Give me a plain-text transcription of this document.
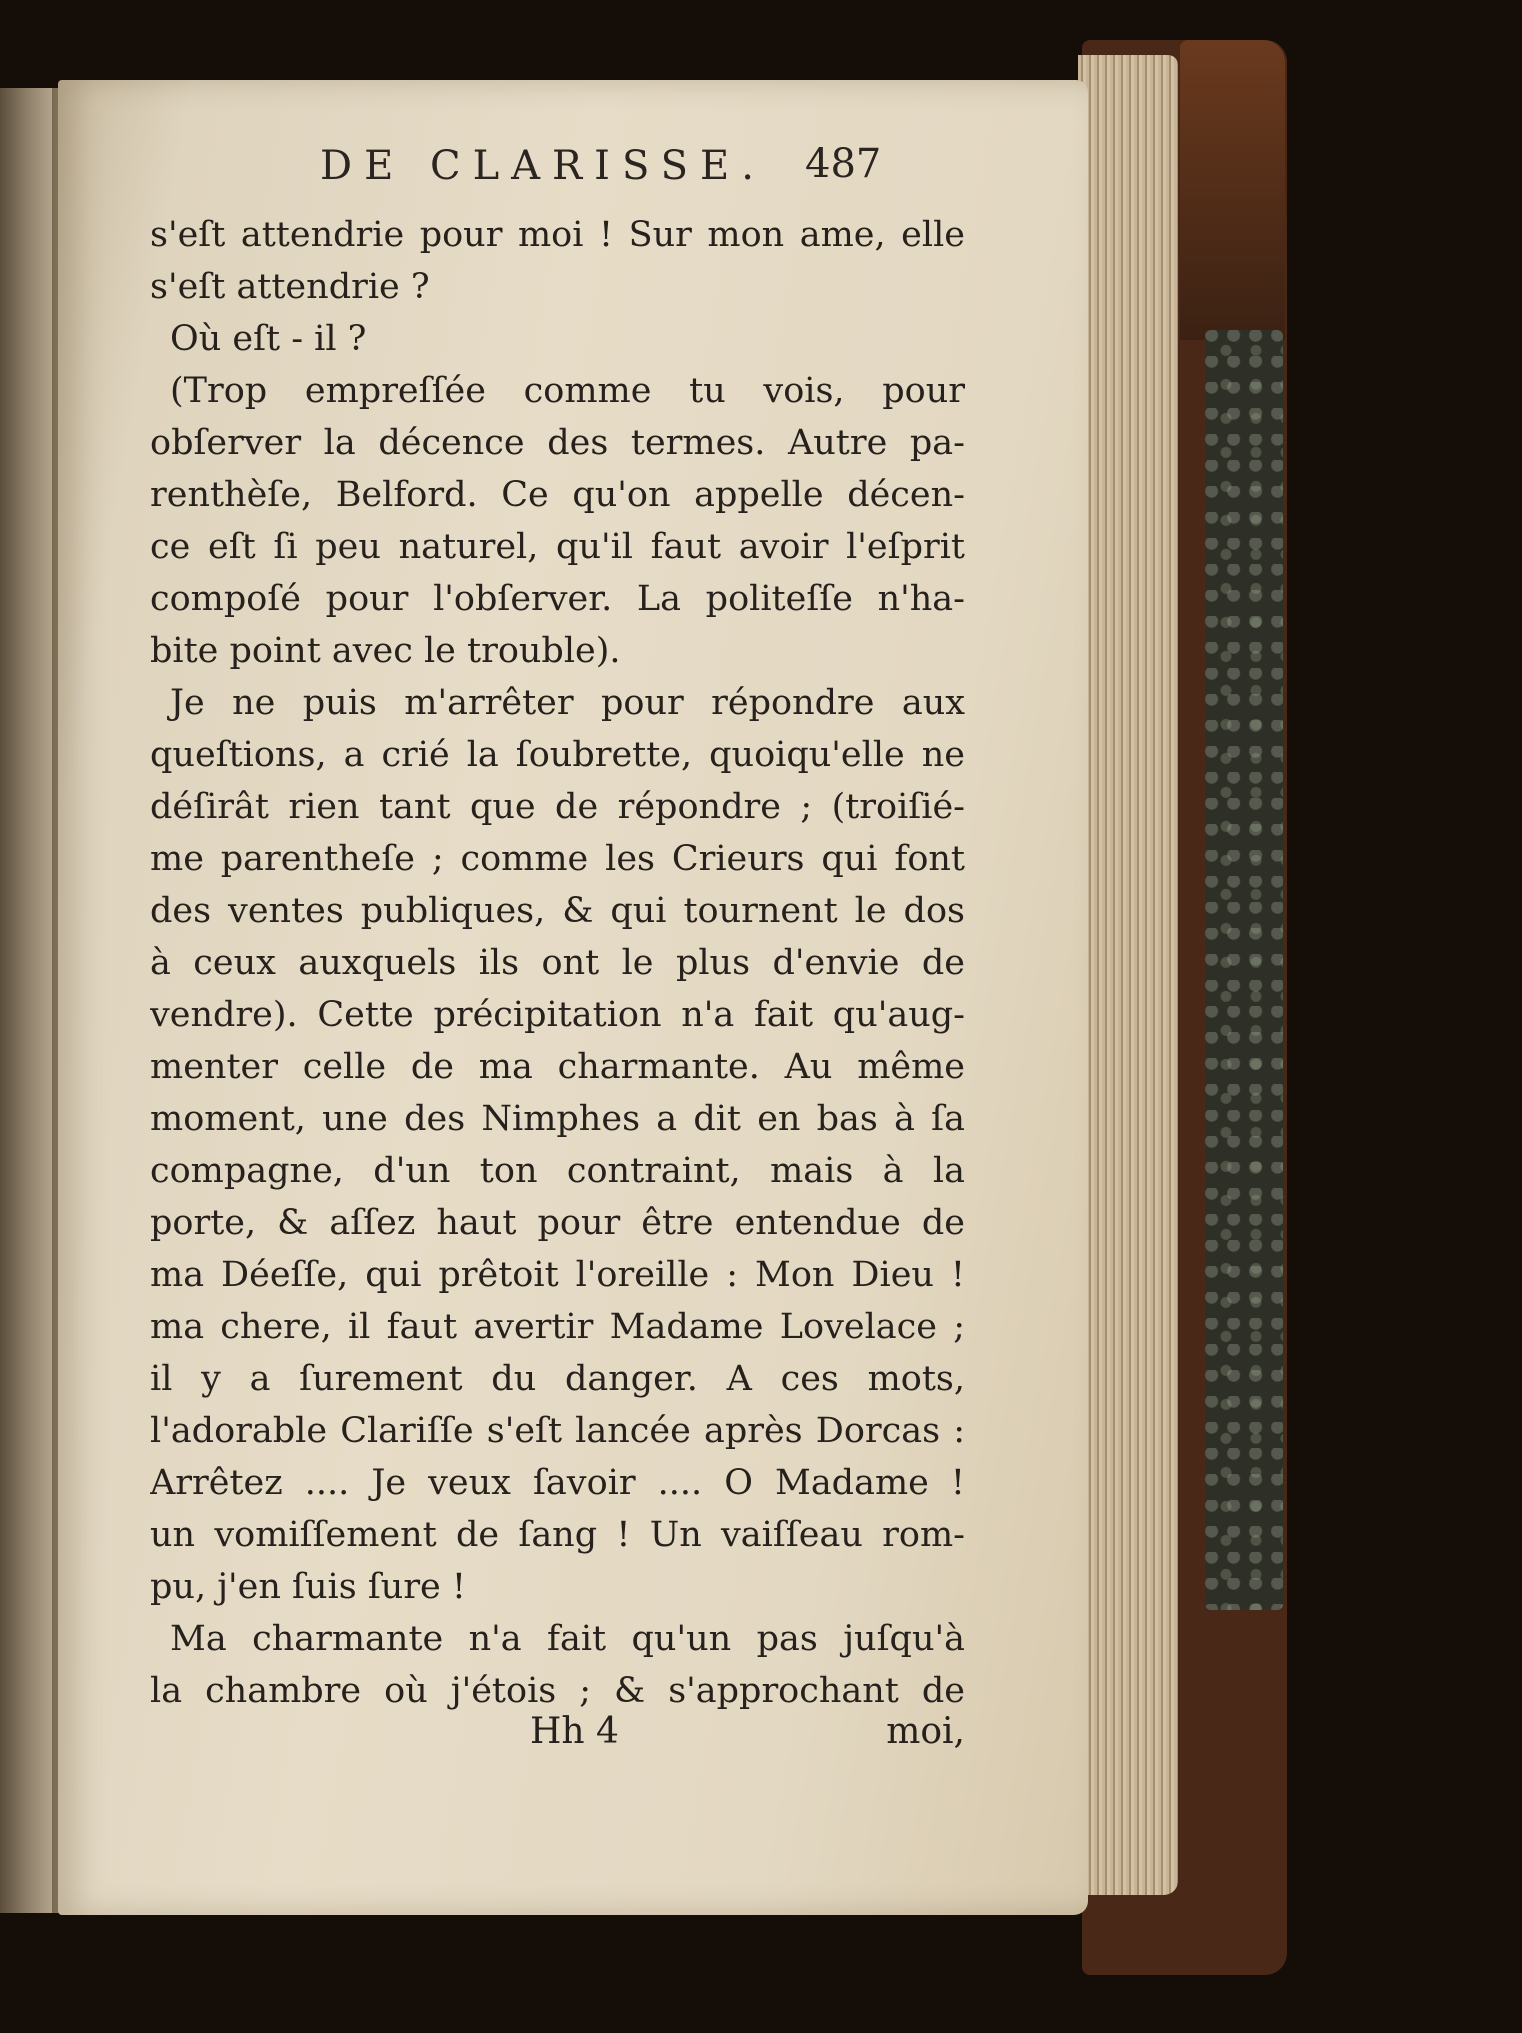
DE CLARISSE. 487
s'eſt attendrie pour moi ! Sur mon ame, elle
s'eſt attendrie ?
Où eſt - il ?
(Trop empreſſée comme tu vois, pour
obſerver la décence des termes. Autre pa-
renthèſe, Belford. Ce qu'on appelle décen-
ce eſt ſi peu naturel, qu'il faut avoir l'eſprit
compoſé pour l'obſerver. La politeſſe n'ha-
bite point avec le trouble).
Je ne puis m'arrêter pour répondre aux
queſtions, a crié la ſoubrette, quoiqu'elle ne
déſirât rien tant que de répondre ; (troiſié-
me parentheſe ; comme les Crieurs qui font
des ventes publiques, & qui tournent le dos
à ceux auxquels ils ont le plus d'envie de
vendre). Cette précipitation n'a fait qu'aug-
menter celle de ma charmante. Au même
moment, une des Nimphes a dit en bas à ſa
compagne, d'un ton contraint, mais à la
porte, & aſſez haut pour être entendue de
ma Déeſſe, qui prêtoit l'oreille : Mon Dieu !
ma chere, il faut avertir Madame Lovelace ;
il y a ſurement du danger. A ces mots,
l'adorable Clariſſe s'eſt lancée après Dorcas :
Arrêtez .... Je veux ſavoir .... O Madame !
un vomiſſement de ſang ! Un vaiſſeau rom-
pu, j'en ſuis ſure !
Ma charmante n'a fait qu'un pas juſqu'à
la chambre où j'étois ; & s'approchant de
Hh 4	moi,
